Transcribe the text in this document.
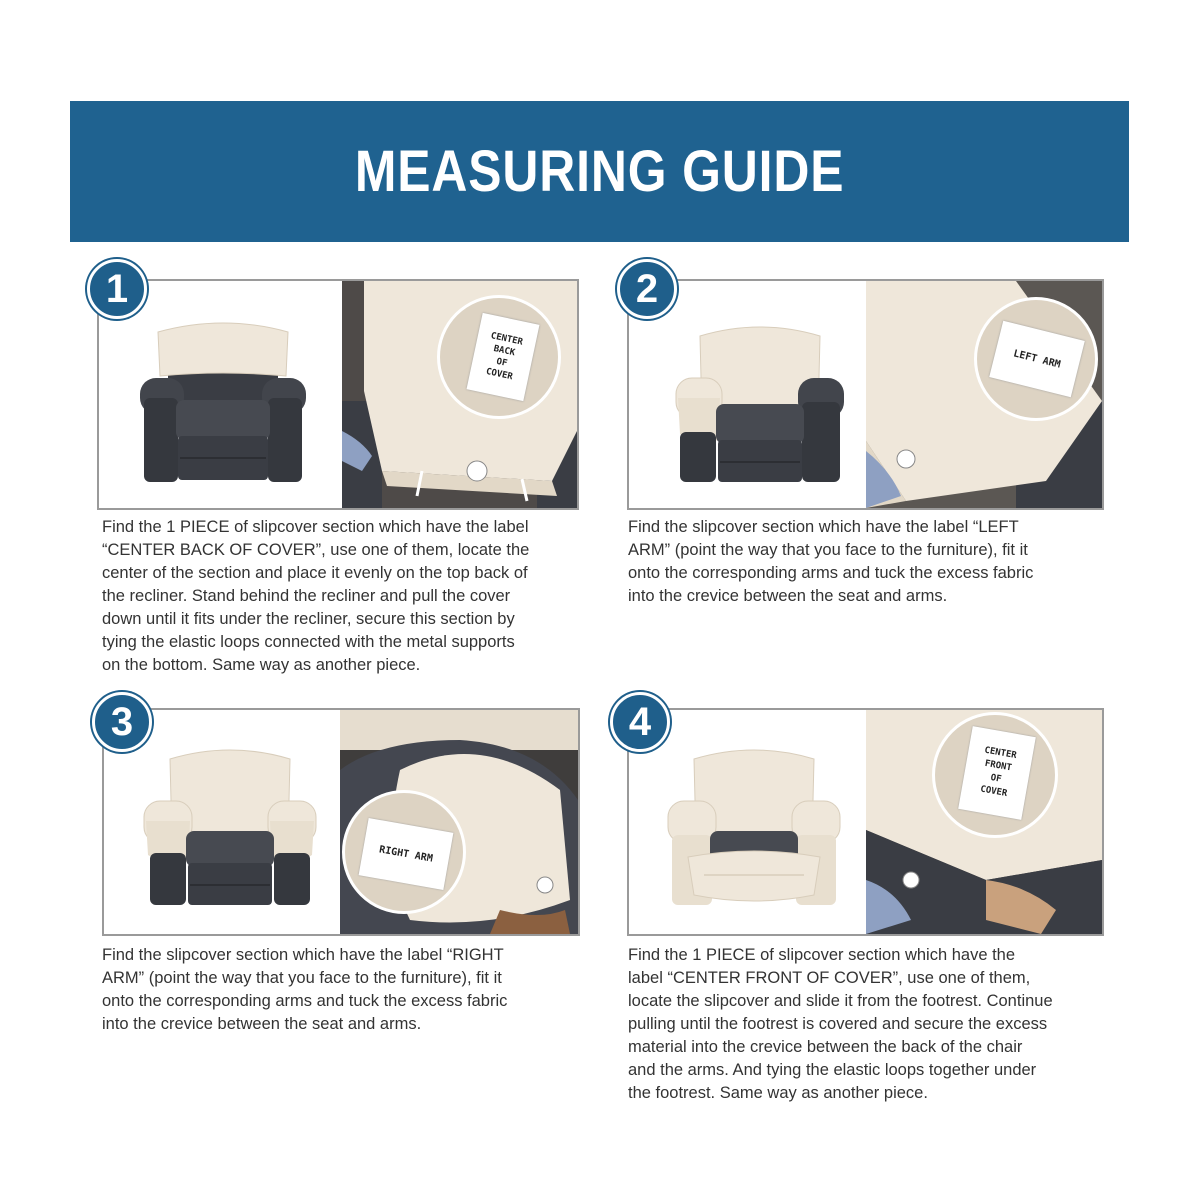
MEASURING GUIDE
CENTER
BACK
OF
COVER
1
Find the 1 PIECE of slipcover section which have the label
“CENTER BACK OF COVER”, use one of them, locate the
center of the section and place it evenly on the top back of
the recliner. Stand behind the recliner and pull the cover
down until it fits under the recliner, secure this section by
tying the elastic loops connected with the metal supports
on the bottom. Same way as another piece.
LEFT ARM
2
Find the slipcover section which have the label “LEFT
ARM” (point the way that you face to the furniture), fit it
onto the corresponding arms and tuck the excess fabric
into the crevice between the seat and arms.
RIGHT ARM
3
Find the slipcover section which have the label “RIGHT
ARM” (point the way that you face to the furniture), fit it
onto the corresponding arms and tuck the excess fabric
into the crevice between the seat and arms.
CENTER
FRONT
OF
COVER
4
Find the 1 PIECE of slipcover section which have the
label “CENTER FRONT OF COVER”, use one of them,
locate the slipcover and slide it from the footrest. Continue
pulling until the footrest is covered and secure the excess
material into the crevice between the back of the chair
and the arms. And tying the elastic loops together under
the footrest. Same way as another piece.
